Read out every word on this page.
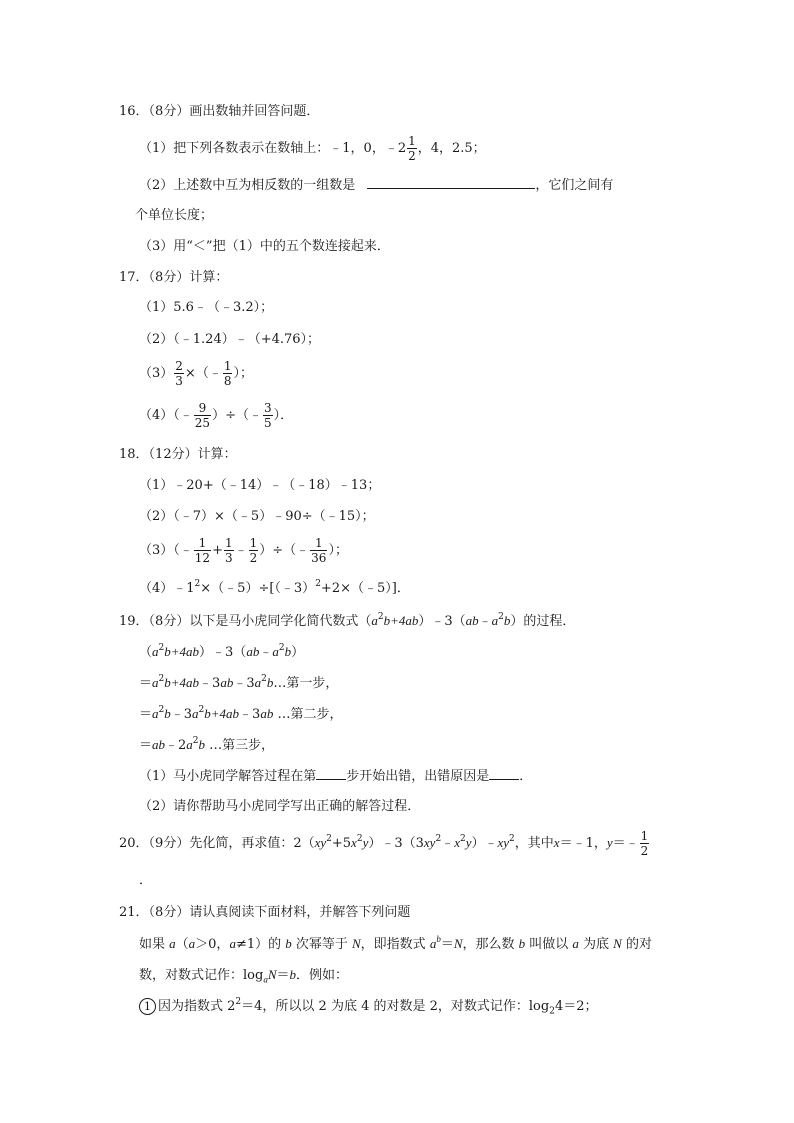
16．（8分）画出数轴并回答问题．
（1）把下列各数表示在数轴上：﹣1，0，﹣2 $\frac{1}{2}$ ，4，2.5；
（2）上述数中互为相反数的一组数是	，它们之间有
个单位长度；
（3）用“＜”把（1）中的五个数连接起来．
17．（8分）计算：
（1）5.6﹣（﹣3.2）；
（2）（﹣1.24）﹣（+4.76）；
$(3) \frac{2}{3}$ ×（﹣ $\frac{1}{8}$ ）；
（4）（﹣ $\frac{9}{25}$ ）÷（﹣ $\frac{3}{5}$ ）．
18．（12分）计算：
（1）﹣20+（﹣14）﹣（﹣18）﹣13；
（2）（﹣7）×（﹣5）﹣90÷（﹣15）；
（3）（﹣ $\frac{1}{12} + \frac{1}{3}$ ﹣ $\frac{1}{2}$ ）÷（﹣ $\frac{1}{36}$ ）；
$(4)﹣1^2\times(﹣5)\div[(﹣3)^2+2\times(﹣5)]$．
19．（8分）以下是马小虎同学化简代数式$(a^2b+4ab)﹣3(ab﹣a^2b)$的过程．
$(a^2b+4ab)﹣3(ab﹣a^2b)$
$=a^2b+4ab﹣3ab﹣3a^2b\dots$第一步，
$=a^2b﹣3a^2b+4ab﹣3ab$ …第二步，
$=ab﹣2a^2b$ …第三步，
（1）马小虎同学解答过程在第 步开始出错，出错原因是 ．
（2）请你帮助马小虎同学写出正确的解答过程．
20．（9分）先化简，再求值：$2(xy^2+5x^2y)﹣3(3xy^2﹣x^2y)﹣xy^2$，其中x＝﹣1，y＝﹣ $\frac{1}{2}$
．
21．（8分）请认真阅读下面材料，并解答下列问题
如果 a（a＞0，a≠1）的 b 次幂等于 N，即指数式 $a^b=N$，那么数 b 叫做以 a 为底 N 的对
数，对数式记作：$\log_aN=b$．例如：
1 因为指数式 $2^2=4$，所以以 2 为底 4 的对数是 2，对数式记作：$\log_24=2$；
